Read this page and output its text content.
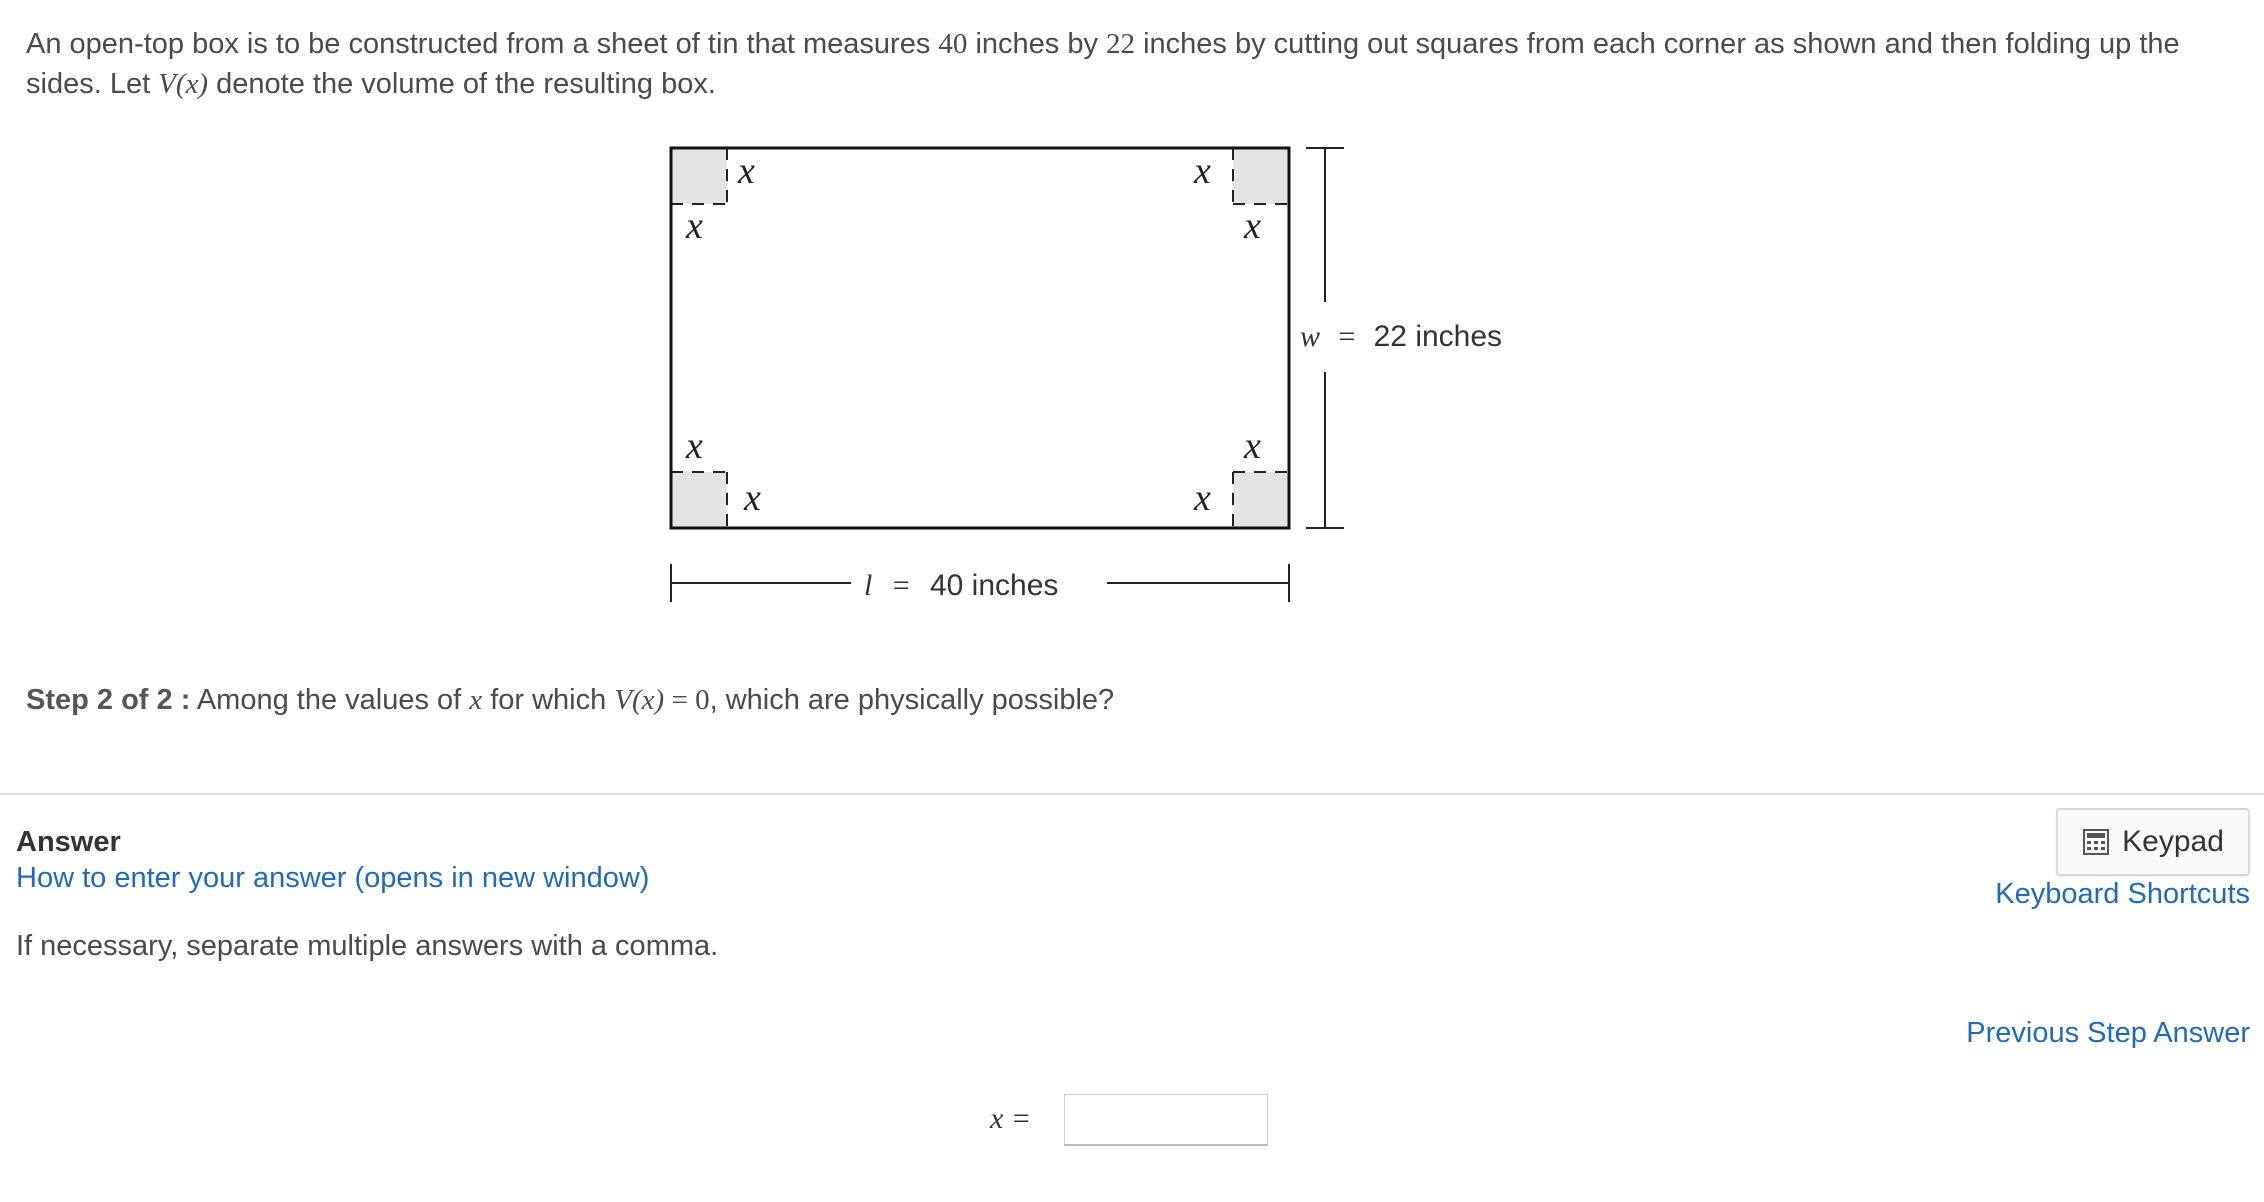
An open-top box is to be constructed from a sheet of tin that measures 40 inches by 22 inches by cutting out squares from each corner as shown and then folding up the sides. Let V(x) denote the volume of the resulting box.
x
x
x
x
x
x
x
x
w = 22 inches
l = 40 inches
Step 2 of 2 : Among the values of x for which V(x) = 0, which are physically possible?
Answer
How to enter your answer (opens in new window)
If necessary, separate multiple answers with a comma.
Keypad
Keyboard Shortcuts
Previous Step Answer
x =
